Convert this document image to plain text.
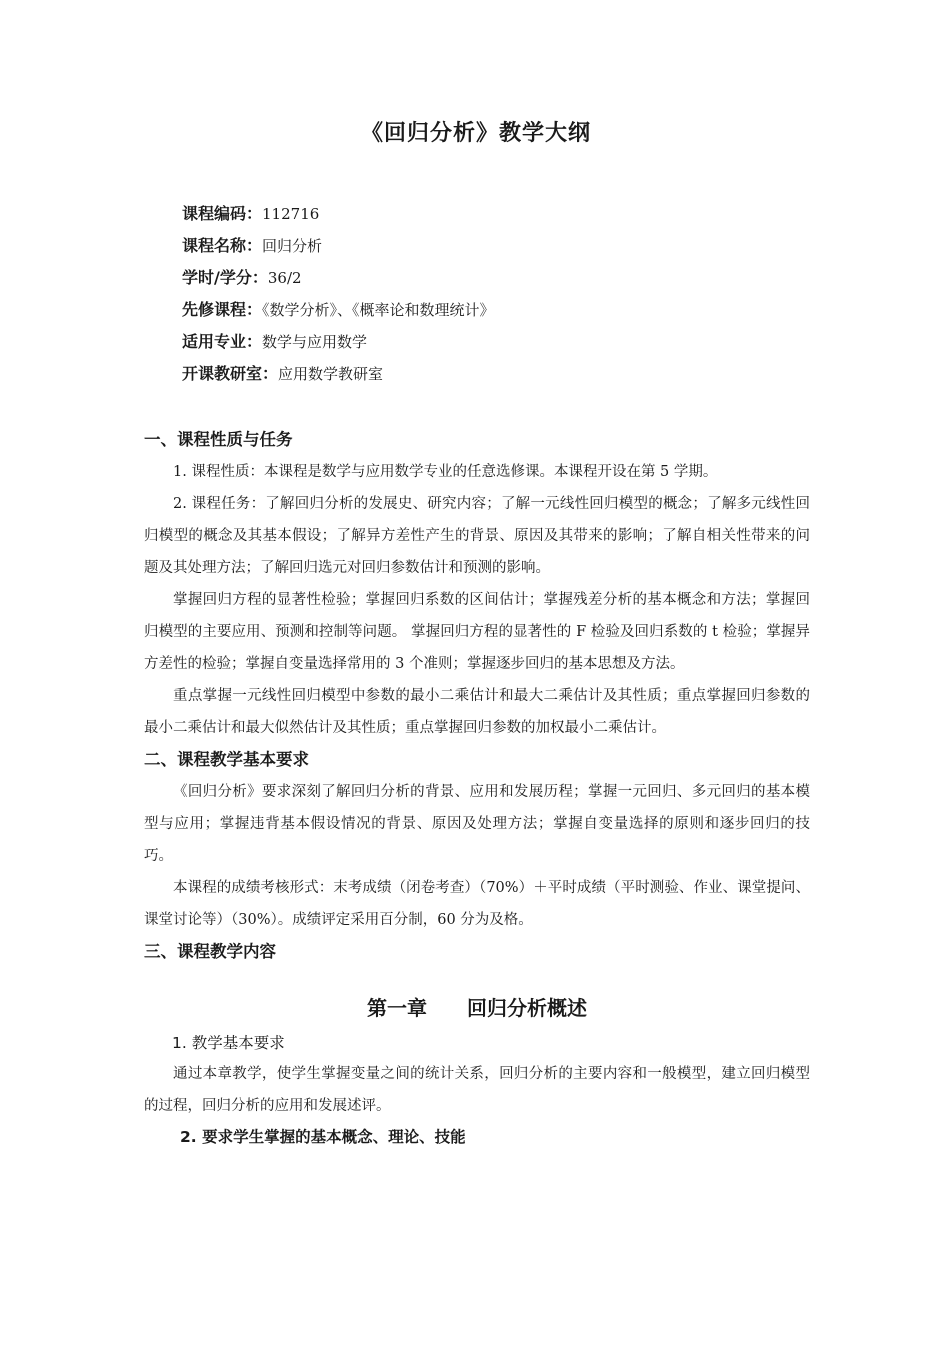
《回归分析》教学大纲
课程编码：112716
课程名称：回归分析
学时/学分：36/2
先修课程：《数学分析》、《概率论和数理统计》
适用专业：数学与应用数学
开课教研室：应用数学教研室
一、课程性质与任务

1. 课程性质：本课程是数学与应用数学专业的任意选修课。本课程开设在第 5 学期。

2. 课程任务：了解回归分析的发展史、研究内容；了解一元线性回归模型的概念；了解多元线性回归模型的概念及其基本假设；了解异方差性产生的背景、原因及其带来的影响；了解自相关性带来的问题及其处理方法；了解回归选元对回归参数估计和预测的影响。

掌握回归方程的显著性检验；掌握回归系数的区间估计；掌握残差分析的基本概念和方法；掌握回归模型的主要应用、预测和控制等问题。 掌握回归方程的显著性的 F 检验及回归系数的 t 检验；掌握异方差性的检验；掌握自变量选择常用的 3 个准则；掌握逐步回归的基本思想及方法。

重点掌握一元线性回归模型中参数的最小二乘估计和最大二乘估计及其性质；重点掌握回归参数的最小二乘估计和最大似然估计及其性质；重点掌握回归参数的加权最小二乘估计。

二、课程教学基本要求

《回归分析》要求深刻了解回归分析的背景、应用和发展历程；掌握一元回归、多元回归的基本模型与应用；掌握违背基本假设情况的背景、原因及处理方法；掌握自变量选择的原则和逐步回归的技巧。

本课程的成绩考核形式：末考成绩（闭卷考查）（70%）＋平时成绩（平时测验、作业、课堂提问、课堂讨论等）（30%）。成绩评定采用百分制，60 分为及格。

三、课程教学内容
第一章　　回归分析概述
1. 教学基本要求

通过本章教学，使学生掌握变量之间的统计关系，回归分析的主要内容和一般模型，建立回归模型的过程，回归分析的应用和发展述评。

2. 要求学生掌握的基本概念、理论、技能
